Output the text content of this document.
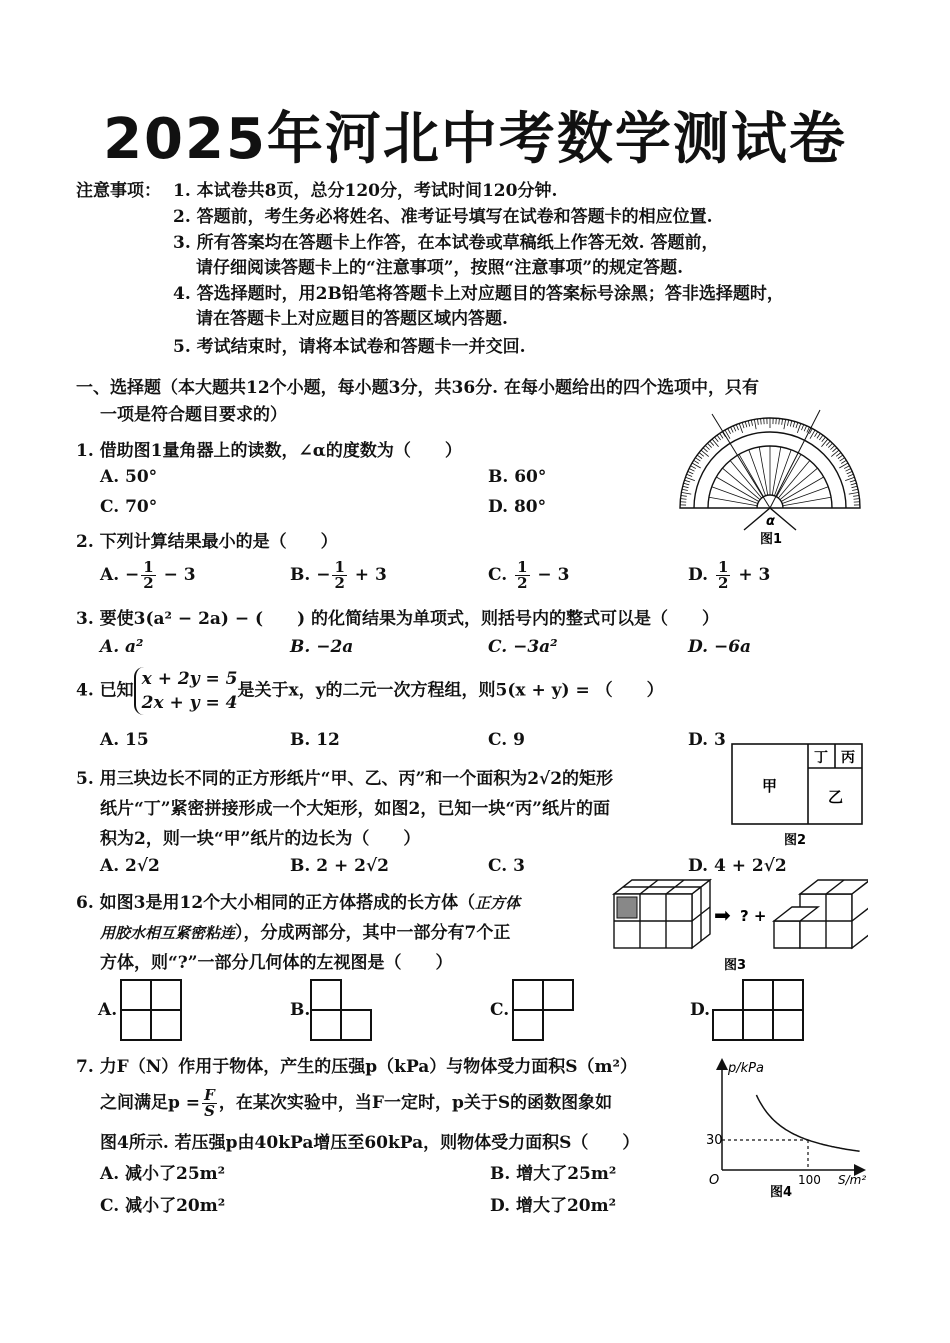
2025年河北中考数学测试卷
注意事项： 1. 本试卷共8页，总分120分，考试时间120分钟.
2. 答题前，考生务必将姓名、准考证号填写在试卷和答题卡的相应位置.
3. 所有答案均在答题卡上作答，在本试卷或草稿纸上作答无效. 答题前，
请仔细阅读答题卡上的“注意事项”，按照“注意事项”的规定答题.
4. 答选择题时，用2B铅笔将答题卡上对应题目的答案标号涂黑；答非选择题时，
请在答题卡上对应题目的答题区域内答题.
5. 考试结束时，请将本试卷和答题卡一并交回.
一、选择题（本大题共12个小题，每小题3分，共36分. 在每小题给出的四个选项中，只有
一项是符合题目要求的）
1. 借助图1量角器上的读数，∠α的度数为（　　）
A. 50°	B. 60°
C. 70°	D. 80°
α
图1
2. 下列计算结果最小的是（　　）
A. − $\frac{1}{2} - 3$	B. − $\frac{1}{2} + 3$	C. $\frac{1}{2} - 3$	D. $\frac{1}{2} + 3$
3. 要使3(a² − 2a) − (　　) 的化简结果为单项式，则括号内的整式可以是（　　）
A. a²	B. −2a	C. −3a²	D. −6a
4. 已知
x + 2y = 5
2x + y = 4
是关于x，y的二元一次方程组，则5(x + y) = （　　）
A. 15	B. 12	C. 9	D. 3
5. 用三块边长不同的正方形纸片“甲、乙、丙”和一个面积为2√2的矩形
纸片“丁”紧密拼接形成一个大矩形，如图2，已知一块“丙”纸片的面
积为2，则一块“甲”纸片的边长为（　　）
A. 2√2	B. 2 + 2√2	C. 3	D. 4 + 2√2
甲
乙
丁 丙
图2
6. 如图3是用12个大小相同的正方体搭成的长方体（正方体
用胶水相互紧密粘连），分成两部分，其中一部分有7个正
方体，则“?”一部分几何体的左视图是（　　）
➡ ? +
图3
A.	B.	C.	D.
7. 力F（N）作用于物体，产生的压强p（kPa）与物体受力面积S（m²）
之间满足$p = \frac{F}{S}$ ，在某次实验中，当F一定时，p关于S的函数图象如
图4所示. 若压强p由40kPa增压至60kPa，则物体受力面积S（　　）
A. 减小了25m²	B. 增大了25m²
C. 减小了20m²	D. 增大了20m²
p/kPa
S/m²
30
100
O
图4
